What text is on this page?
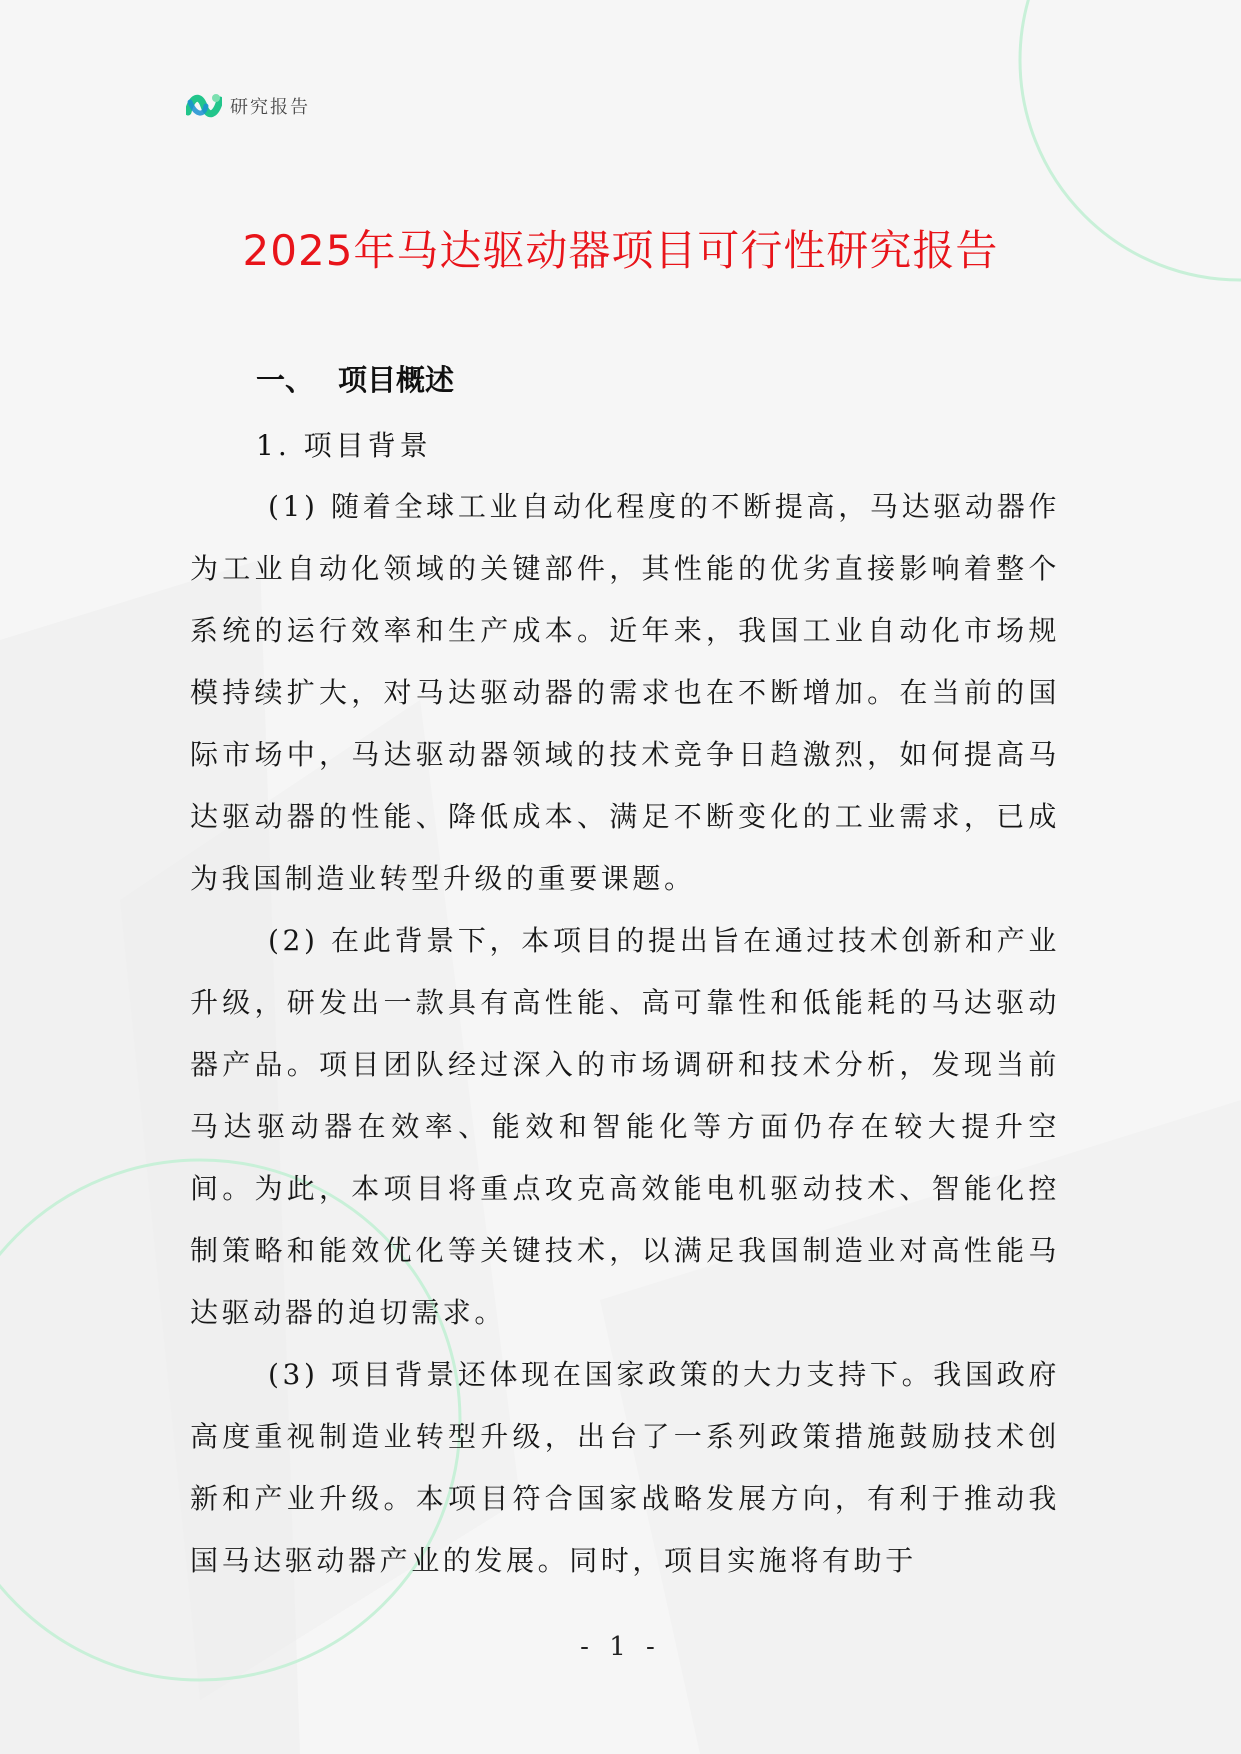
研究报告
2025年马达驱动器项目可行性研究报告
一、 项目概述
1. 项目背景

(1) 随着全球工业自动化程度的不断提高，马达驱动器作为工业自动化领域的关键部件，其性能的优劣直接影响着整个系统的运行效率和生产成本。近年来，我国工业自动化市场规模持续扩大，对马达驱动器的需求也在不断增加。在当前的国际市场中，马达驱动器领域的技术竞争日趋激烈，如何提高马达驱动器的性能、降低成本、满足不断变化的工业需求，已成为我国制造业转型升级的重要课题。

(2) 在此背景下，本项目的提出旨在通过技术创新和产业升级，研发出一款具有高性能、高可靠性和低能耗的马达驱动器产品。项目团队经过深入的市场调研和技术分析，发现当前马达驱动器在效率、能效和智能化等方面仍存在较大提升空间。为此，本项目将重点攻克高效能电机驱动技术、智能化控制策略和能效优化等关键技术，以满足我国制造业对高性能马达驱动器的迫切需求。

(3) 项目背景还体现在国家政策的大力支持下。我国政府高度重视制造业转型升级，出台了一系列政策措施鼓励技术创新和产业升级。本项目符合国家战略发展方向，有利于推动我国马达驱动器产业的发展。同时，项目实施将有助于

- 1 -
